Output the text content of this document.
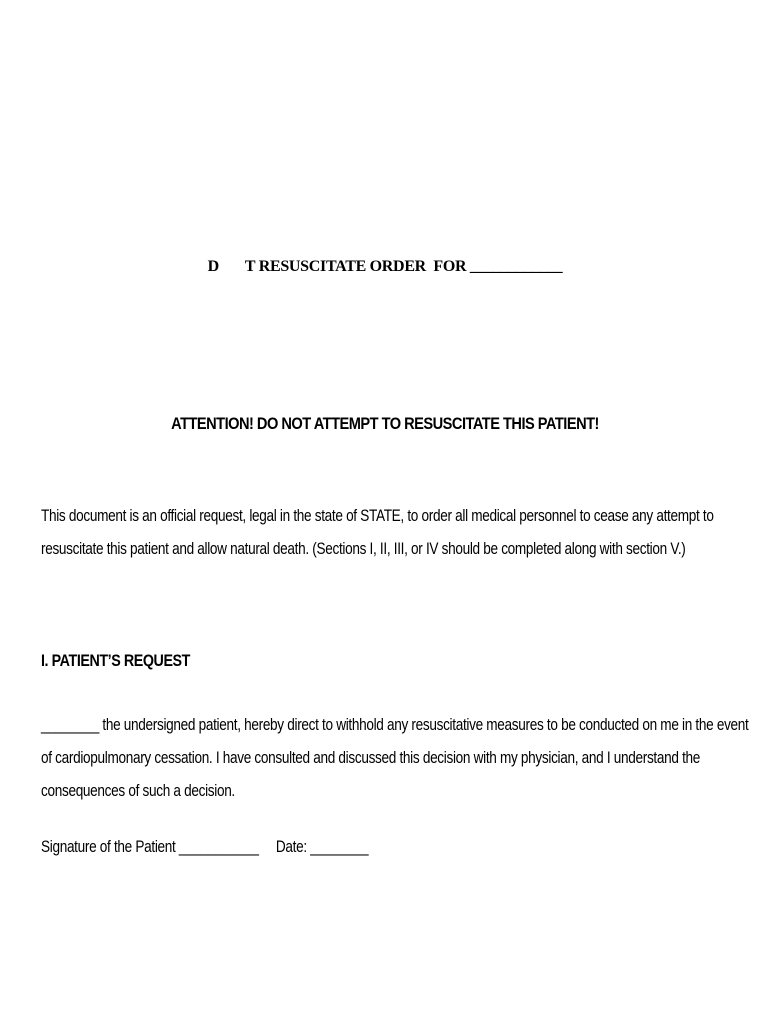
D T RESUSCITATE ORDER  FOR ____________
ATTENTION! DO NOT ATTEMPT TO RESUSCITATE THIS PATIENT!
This document is an official request, legal in the state of STATE, to order all medical personnel to cease any attempt to
resuscitate this patient and allow natural death. (Sections I, II, III, or IV should be completed along with section V.)
I. PATIENT’S REQUEST
________ the undersigned patient, hereby direct to withhold any resuscitative measures to be conducted on me in the event
of cardiopulmonary cessation. I have consulted and discussed this decision with my physician, and I understand the
consequences of such a decision.
Signature of the Patient ___________ Date: ________
